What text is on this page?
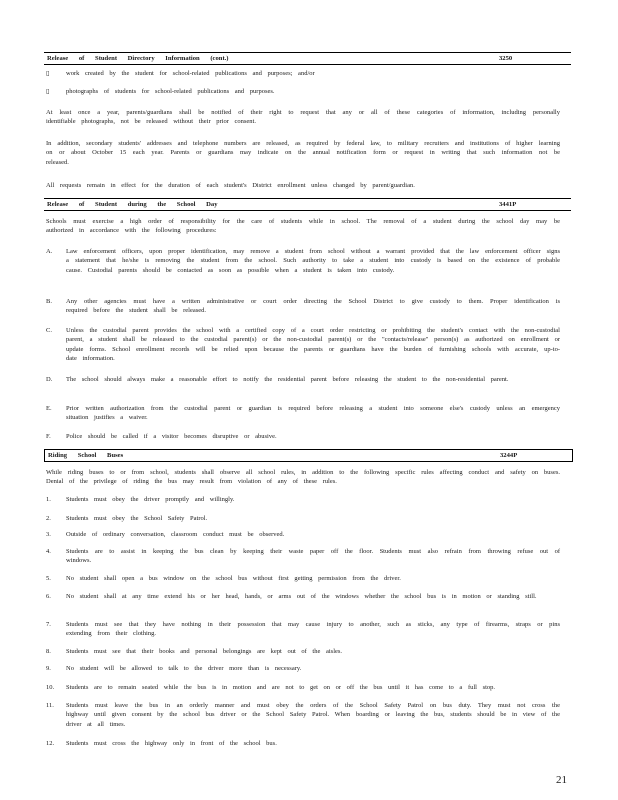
Release of Student Directory Information (cont.)	3250
▯	work created by the student for school-related publications and purposes; and/or
▯	photographs of students for school-related publications and purposes.
At least once a year, parents/guardians shall be notified of their right to request that any or all of these categories of information, including personally identifiable photographs, not be released without their prior consent.
In addition, secondary students' addresses and telephone numbers are released, as required by federal law, to military recruiters and institutions of higher learning on or about October 15 each year. Parents or guardians may indicate on the annual notification form or request in writing that such information not be released.
All requests remain in effect for the duration of each student's District enrollment unless changed by parent/guardian.
Release of Student during the School Day	3441P
Schools must exercise a high order of responsibility for the care of students while in school. The removal of a student during the school day may be authorized in accordance with the following procedures:
A.	Law enforcement officers, upon proper identification, may remove a student from school without a warrant provided that the law enforcement officer signs a statement that he/she is removing the student from the school. Such authority to take a student into custody is based on the existence of probable cause. Custodial parents should be contacted as soon as possible when a student is taken into custody.
B.	Any other agencies must have a written administrative or court order directing the School District to give custody to them. Proper identification is required before the student shall be released.
C.	Unless the custodial parent provides the school with a certified copy of a court order restricting or prohibiting the student's contact with the non-custodial parent, a student shall be released to the custodial parent(s) or the non-custodial parent(s) or the "contacts/release" person(s) as authorized on enrollment or update forms. School enrollment records will be relied upon because the parents or guardians have the burden of furnishing schools with accurate, up-to-date information.
D.	The school should always make a reasonable effort to notify the residential parent before releasing the student to the non-residential parent.
E.	Prior written authorization from the custodial parent or guardian is required before releasing a student into someone else's custody unless an emergency situation justifies a waiver.
F.	Police should be called if a visitor becomes disruptive or abusive.
Riding School Buses	3244P
While riding buses to or from school, students shall observe all school rules, in addition to the following specific rules affecting conduct and safety on buses. Denial of the privilege of riding the bus may result from violation of any of these rules.
1.	Students must obey the driver promptly and willingly.
2.	Students must obey the School Safety Patrol.
3.	Outside of ordinary conversation, classroom conduct must be observed.
4.	Students are to assist in keeping the bus clean by keeping their waste paper off the floor. Students must also refrain from throwing refuse out of windows.
5.	No student shall open a bus window on the school bus without first getting permission from the driver.
6.	No student shall at any time extend his or her head, hands, or arms out of the windows whether the school bus is in motion or standing still.
7.	Students must see that they have nothing in their possession that may cause injury to another, such as sticks, any type of firearms, straps or pins extending from their clothing.
8.	Students must see that their books and personal belongings are kept out of the aisles.
9.	No student will be allowed to talk to the driver more than is necessary.
10.	Students are to remain seated while the bus is in motion and are not to get on or off the bus until it has come to a full stop.
11.	Students must leave the bus in an orderly manner and must obey the orders of the School Safety Patrol on bus duty. They must not cross the highway until given consent by the school bus driver or the School Safety Patrol. When boarding or leaving the bus, students should be in view of the driver at all times.
12.	Students must cross the highway only in front of the school bus.
21
